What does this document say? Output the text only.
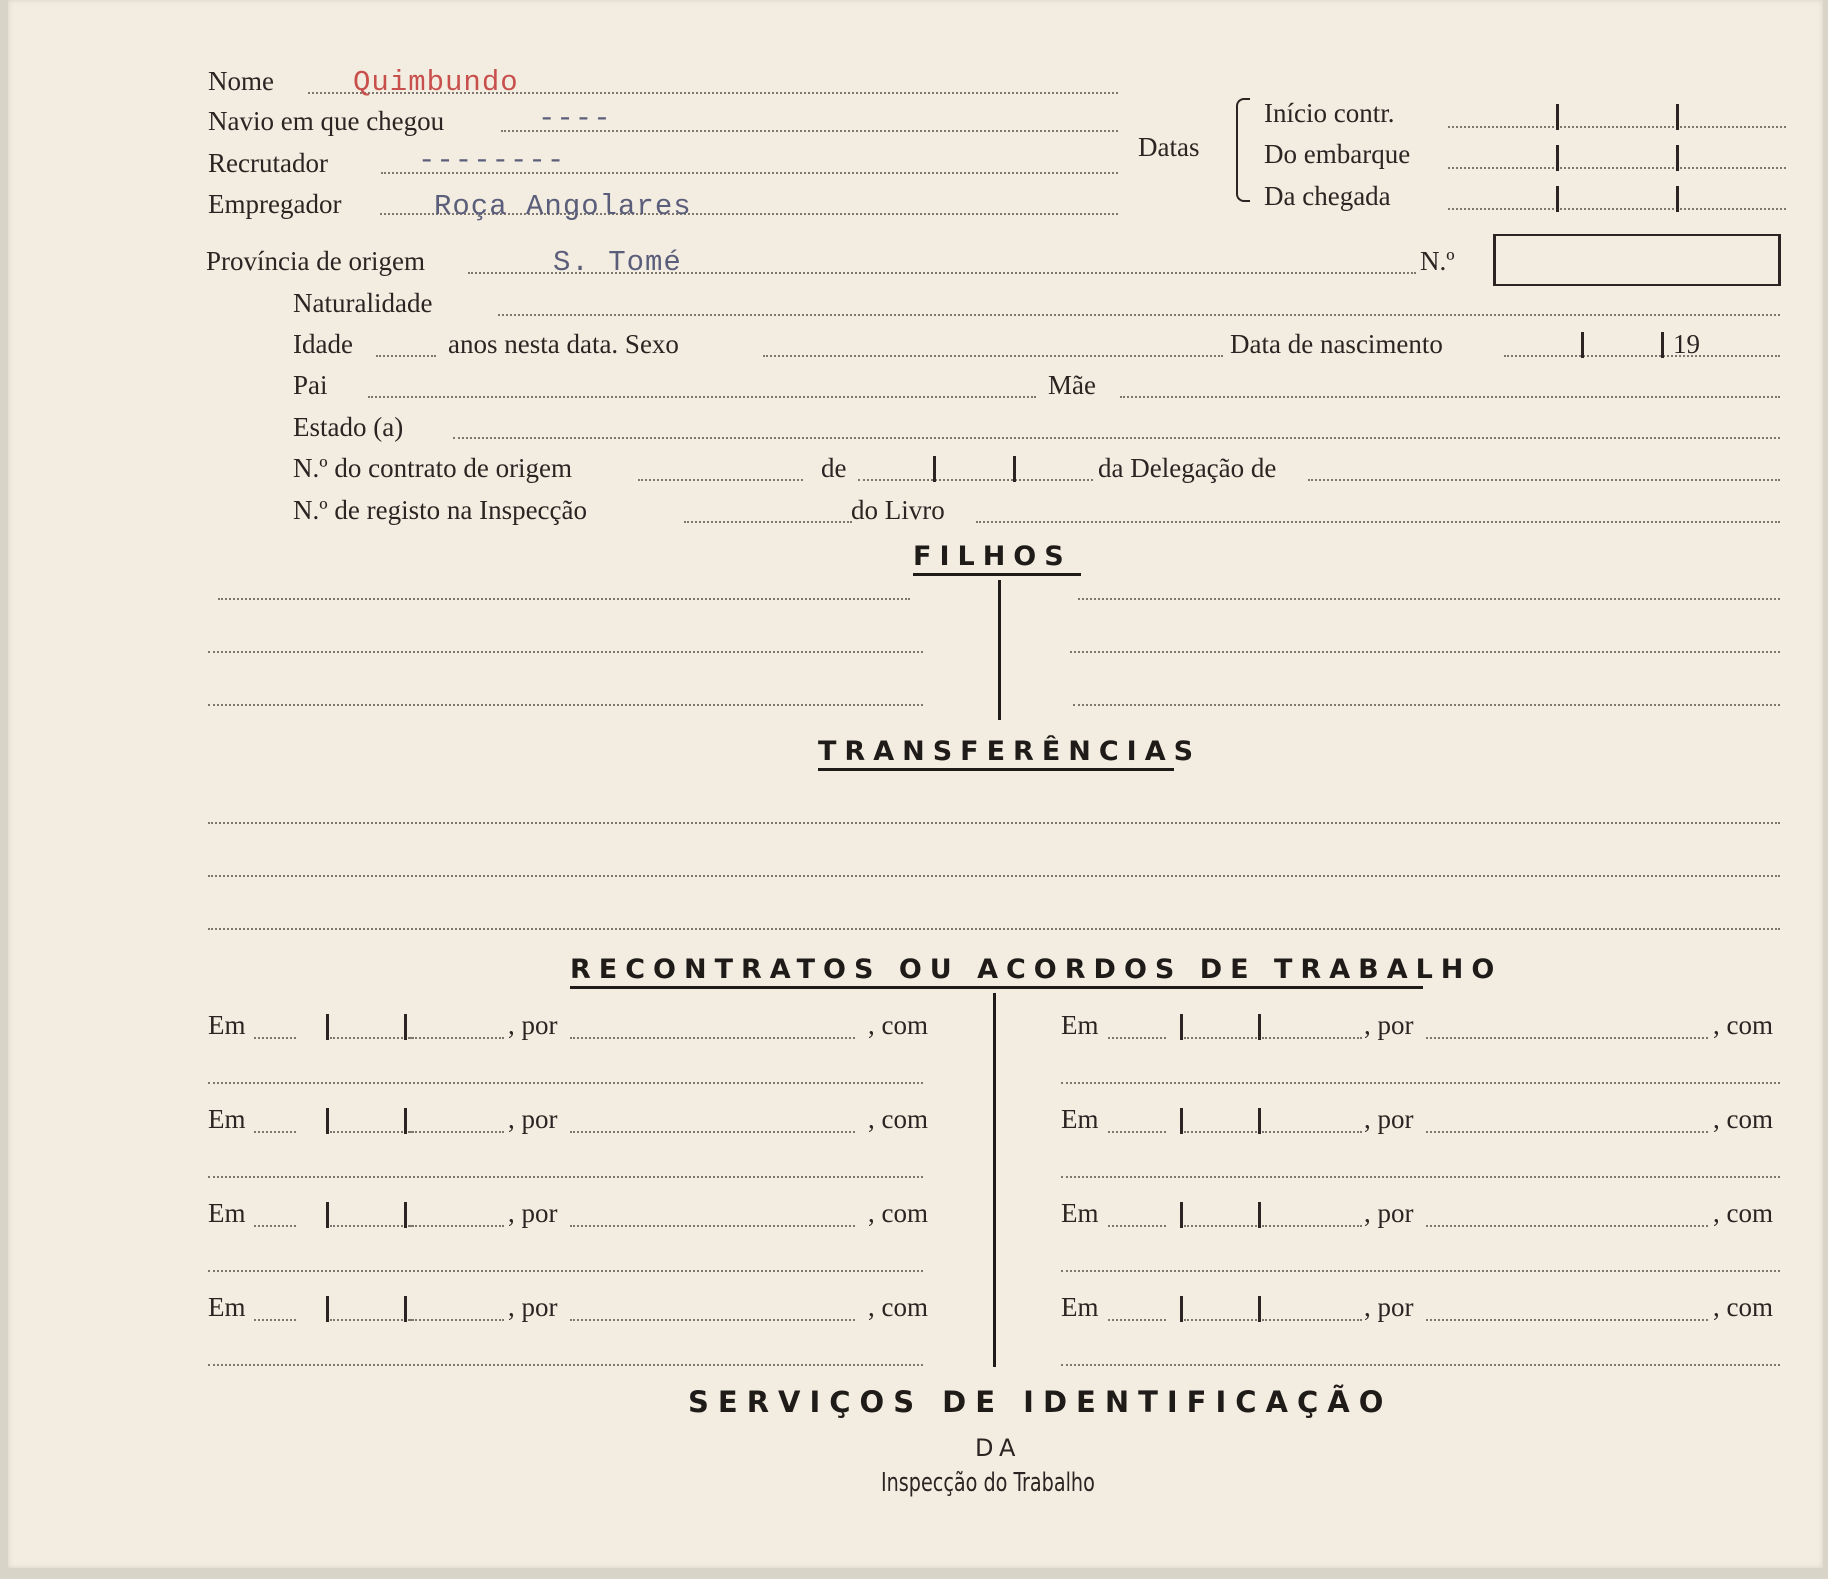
Nome	Quimbundo
Navio em que chegou	----
Recrutador	--------
Empregador	Roça Angolares
Datas
Início contr.
Do embarque
Da chegada
Província de origem	S. Tomé	N.º
Naturalidade
Idade	anos nesta data. Sexo	Data de nascimento	19
Pai	Mãe
Estado (a)
N.º do contrato de origem	de	da Delegação de
N.º de registo na Inspecção	do Livro
FILHOS
TRANSFERÊNCIAS
RECONTRATOS OU ACORDOS DE TRABALHO
Em	, por	, com	Em	, por	, com
Em	, por	, com	Em	, por	, com
Em	, por	, com	Em	, por	, com
Em	, por	, com	Em	, por	, com
SERVIÇOS DE IDENTIFICAÇÃO
DA
Inspecção do Trabalho
